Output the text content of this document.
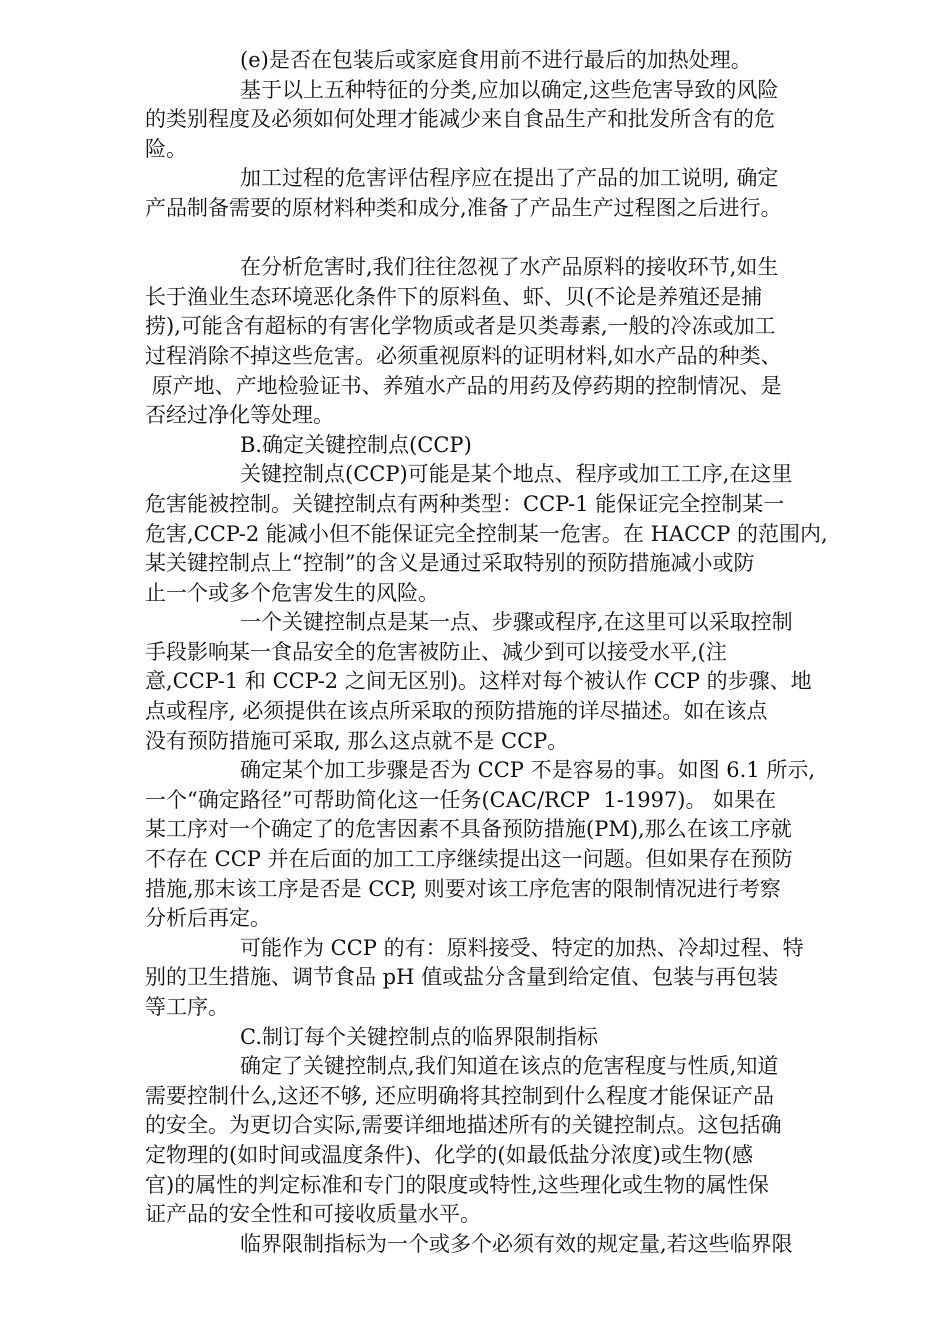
(e)是否在包装后或家庭食用前不进行最后的加热处理。
基于以上五种特征的分类,应加以确定,这些危害导致的风险
的类别程度及必须如何处理才能减少来自食品生产和批发所含有的危
险。
加工过程的危害评估程序应在提出了产品的加工说明, 确定
产品制备需要的原材料种类和成分,准备了产品生产过程图之后进行。
在分析危害时,我们往往忽视了水产品原料的接收环节,如生
长于渔业生态环境恶化条件下的原料鱼、虾、贝(不论是养殖还是捕
捞),可能含有超标的有害化学物质或者是贝类毒素,一般的冷冻或加工
过程消除不掉这些危害。必须重视原料的证明材料,如水产品的种类、
原产地、产地检验证书、养殖水产品的用药及停药期的控制情况、是
否经过净化等处理。
B.确定关键控制点(CCP)
关键控制点(CCP)可能是某个地点、程序或加工工序,在这里
危害能被控制。关键控制点有两种类型：CCP-1 能保证完全控制某一
危害,CCP-2 能减小但不能保证完全控制某一危害。在 HACCP 的范围内,
某关键控制点上“控制”的含义是通过采取特别的预防措施减小或防
止一个或多个危害发生的风险。
一个关键控制点是某一点、步骤或程序,在这里可以采取控制
手段影响某一食品安全的危害被防止、减少到可以接受水平,(注
意,CCP-1 和 CCP-2 之间无区别)。这样对每个被认作 CCP 的步骤、地
点或程序, 必须提供在该点所采取的预防措施的详尽描述。如在该点
没有预防措施可采取, 那么这点就不是 CCP。
确定某个加工步骤是否为 CCP 不是容易的事。如图 6.1 所示,
一个“确定路径”可帮助简化这一任务(CAC/RCP  1-1997)。 如果在
某工序对一个确定了的危害因素不具备预防措施(PM),那么在该工序就
不存在 CCP 并在后面的加工工序继续提出这一问题。但如果存在预防
措施,那末该工序是否是 CCP, 则要对该工序危害的限制情况进行考察
分析后再定。
可能作为 CCP 的有：原料接受、特定的加热、冷却过程、特
别的卫生措施、调节食品 pH 值或盐分含量到给定值、包装与再包装
等工序。
C.制订每个关键控制点的临界限制指标
确定了关键控制点,我们知道在该点的危害程度与性质,知道
需要控制什么,这还不够, 还应明确将其控制到什么程度才能保证产品
的安全。为更切合实际,需要详细地描述所有的关键控制点。这包括确
定物理的(如时间或温度条件)、化学的(如最低盐分浓度)或生物(感
官)的属性的判定标准和专门的限度或特性,这些理化或生物的属性保
证产品的安全性和可接收质量水平。
临界限制指标为一个或多个必须有效的规定量,若这些临界限
